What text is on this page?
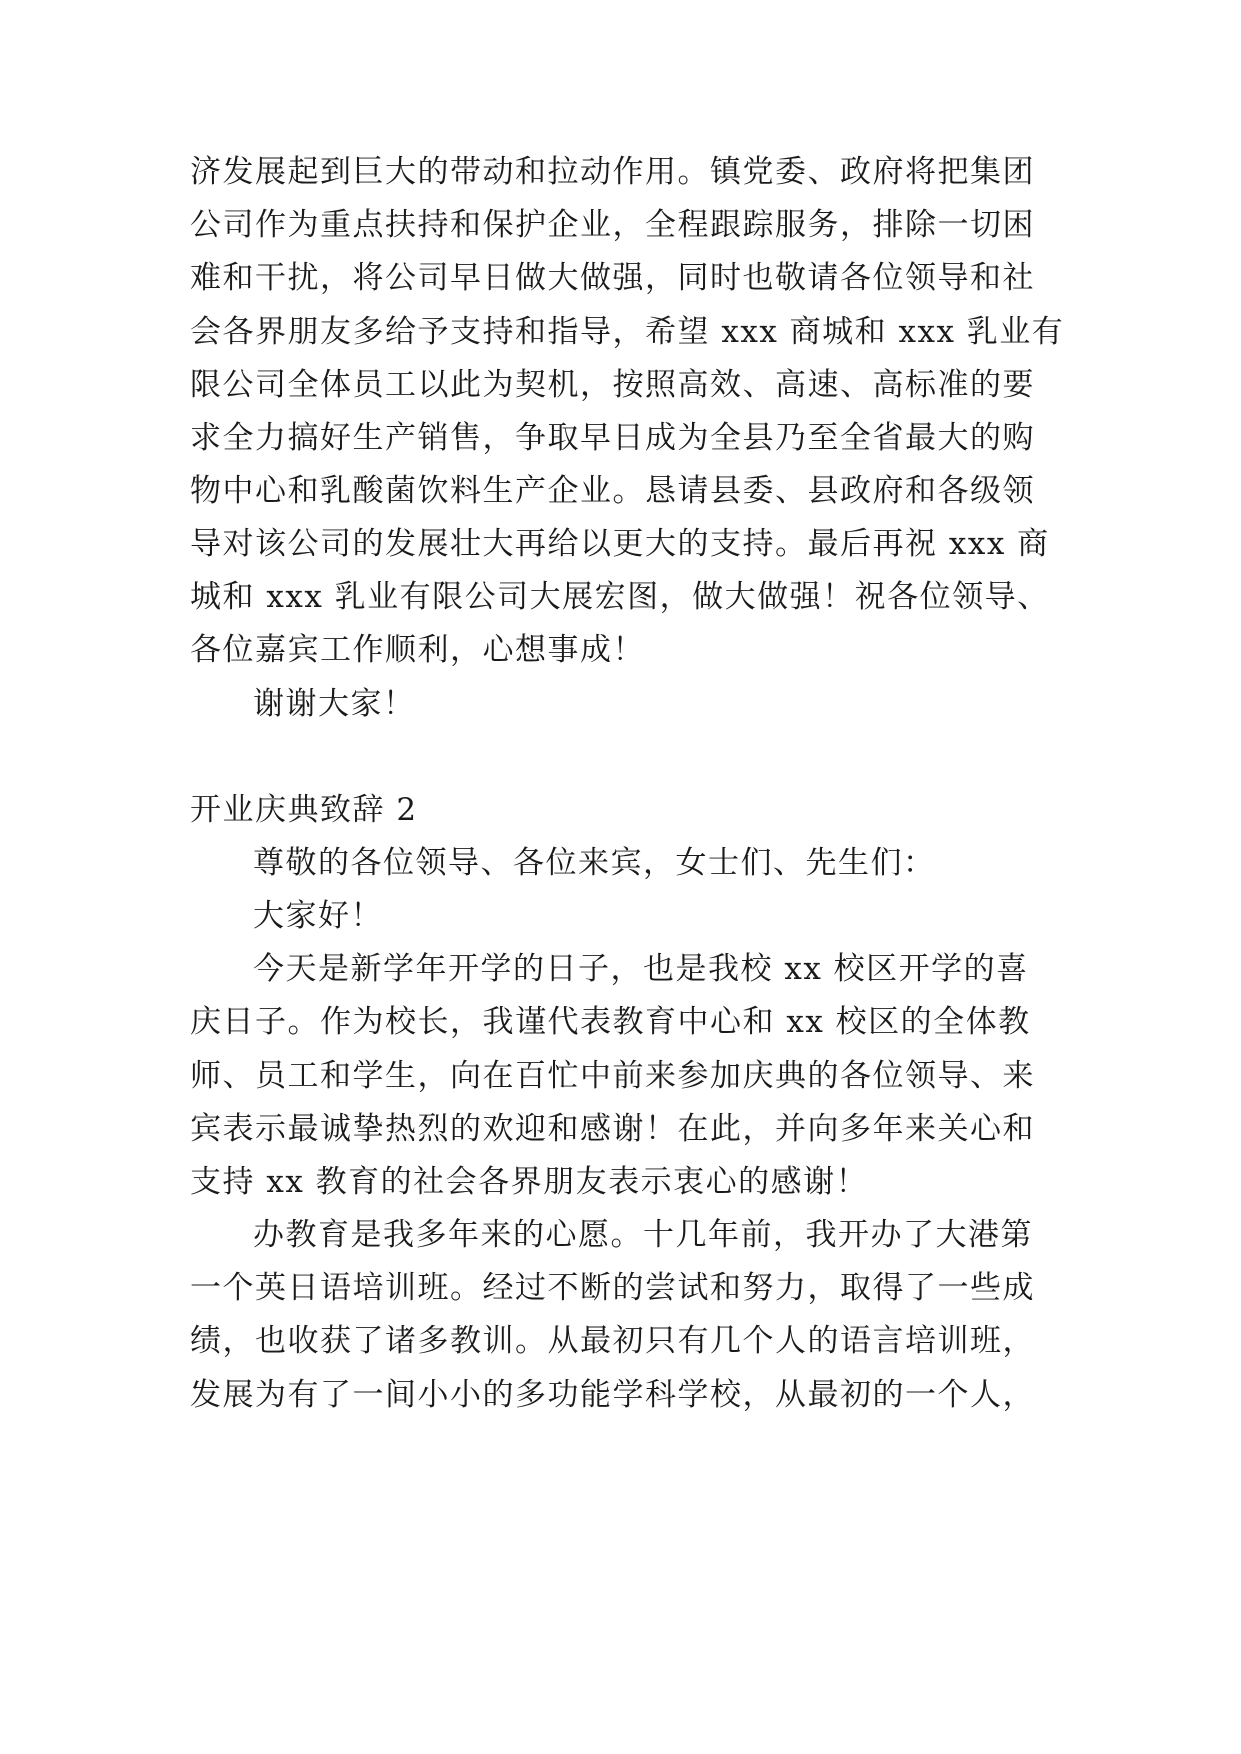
济发展起到巨大的带动和拉动作用。镇党委、政府将把集团
公司作为重点扶持和保护企业，全程跟踪服务，排除一切困
难和干扰，将公司早日做大做强，同时也敬请各位领导和社
会各界朋友多给予支持和指导，希望 xxx 商城和 xxx 乳业有
限公司全体员工以此为契机，按照高效、高速、高标准的要
求全力搞好生产销售，争取早日成为全县乃至全省最大的购
物中心和乳酸菌饮料生产企业。恳请县委、县政府和各级领
导对该公司的发展壮大再给以更大的支持。最后再祝 xxx 商
城和 xxx 乳业有限公司大展宏图，做大做强！祝各位领导、
各位嘉宾工作顺利，心想事成！
谢谢大家！
开业庆典致辞 2
尊敬的各位领导、各位来宾，女士们、先生们：
大家好！
今天是新学年开学的日子，也是我校 xx 校区开学的喜
庆日子。作为校长，我谨代表教育中心和 xx 校区的全体教
师、员工和学生，向在百忙中前来参加庆典的各位领导、来
宾表示最诚挚热烈的欢迎和感谢！在此，并向多年来关心和
支持 xx 教育的社会各界朋友表示衷心的感谢！
办教育是我多年来的心愿。十几年前，我开办了大港第
一个英日语培训班。经过不断的尝试和努力，取得了一些成
绩，也收获了诸多教训。从最初只有几个人的语言培训班，
发展为有了一间小小的多功能学科学校，从最初的一个人，
